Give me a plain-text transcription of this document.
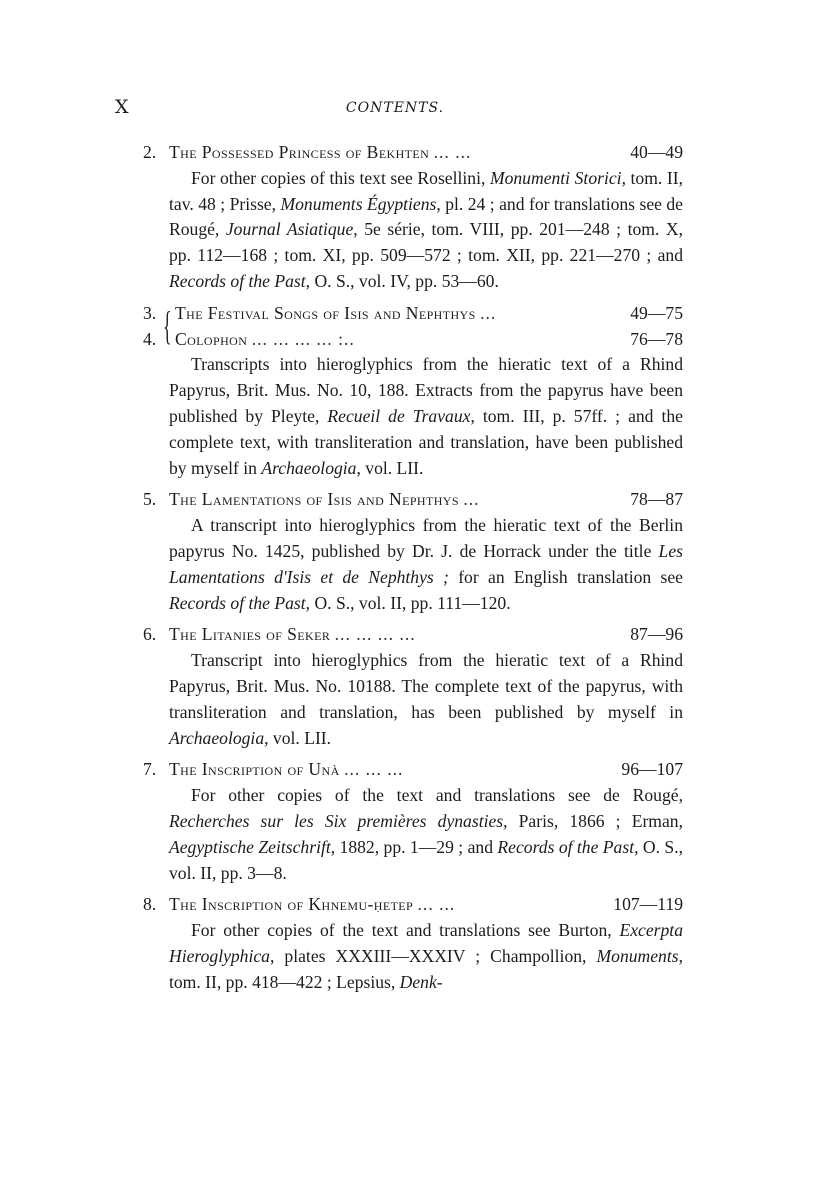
X	CONTENTS.
2. The Possessed Princess of Bekhten ... ...	40—49
For other copies of this text see Rosellini, Monumenti Storici, tom. II, tav. 48 ; Prisse, Monuments Égyptiens, pl. 24 ; and for translations see de Rougé, Journal Asiatique, 5e série, tom. VIII, pp. 201—248 ; tom. X, pp. 112—168 ; tom. XI, pp. 509—572 ; tom. XII, pp. 221—270 ; and Records of the Past, O. S., vol. IV, pp. 53—60.
{
3. The Festival Songs of Isis and Nephthys ...	49—75
4. Colophon ... ... ... ... :..	76—78
Transcripts into hieroglyphics from the hieratic text of a Rhind Papyrus, Brit. Mus. No. 10, 188. Extracts from the papyrus have been published by Pleyte, Recueil de Travaux, tom. III, p. 57ff. ; and the complete text, with transliteration and translation, have been published by myself in Archaeologia, vol. LII.
5. The Lamentations of Isis and Nephthys ...	78—87
A transcript into hieroglyphics from the hieratic text of the Berlin papyrus No. 1425, published by Dr. J. de Horrack under the title Les Lamentations d'Isis et de Nephthys ; for an English translation see Records of the Past, O. S., vol. II, pp. 111—120.
6. The Litanies of Seker ... ... ... ...	87—96
Transcript into hieroglyphics from the hieratic text of a Rhind Papyrus, Brit. Mus. No. 10188. The complete text of the papyrus, with transliteration and translation, has been published by myself in Archaeologia, vol. LII.
7. The Inscription of Unà ... ... ...	96—107
For other copies of the text and translations see de Rougé, Recherches sur les Six premières dynasties, Paris, 1866 ; Erman, Aegyptische Zeitschrift, 1882, pp. 1—29 ; and Records of the Past, O. S., vol. II, pp. 3—8.
8. The Inscription of Khnemu-ḥetep ... ...	107—119
For other copies of the text and translations see Burton, Excerpta Hieroglyphica, plates XXXIII—XXXIV ; Champollion, Monuments, tom. II, pp. 418—422 ; Lepsius, Denk-
